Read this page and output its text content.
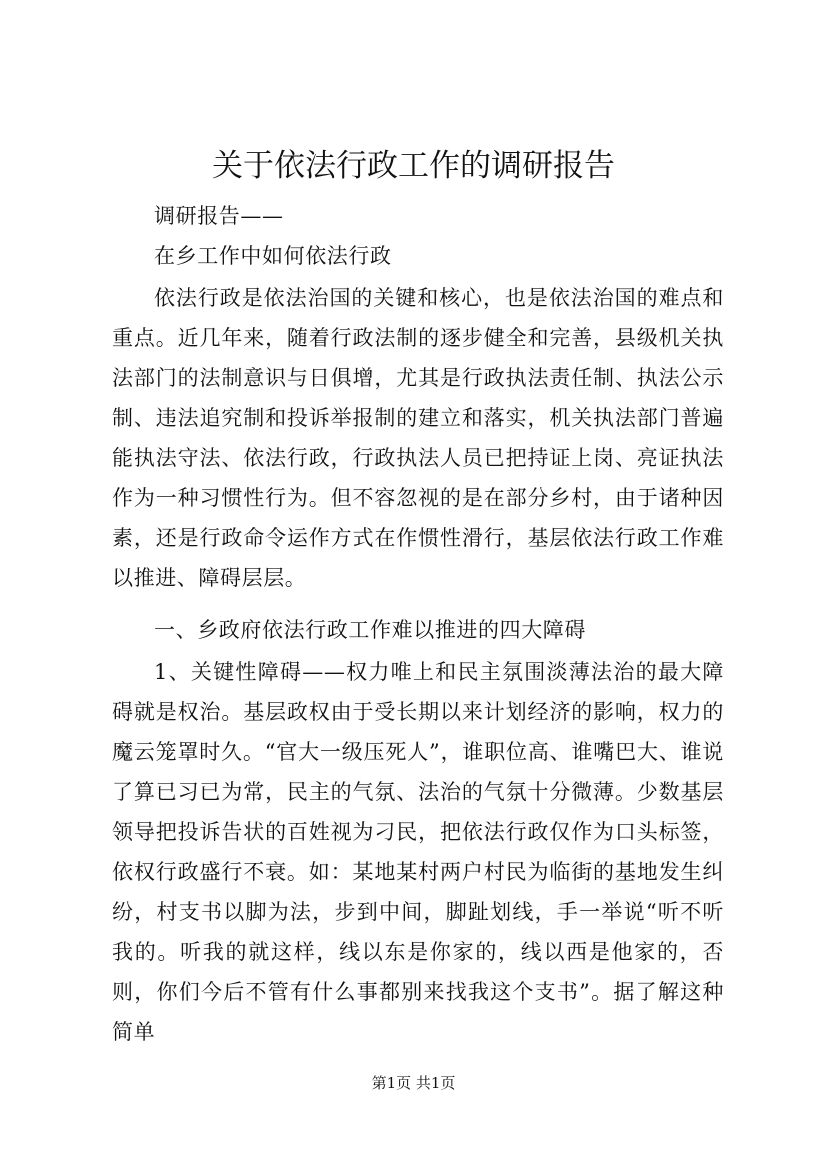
关于依法行政工作的调研报告

调研报告——

在乡工作中如何依法行政

依法行政是依法治国的关键和核心，也是依法治国的难点和重点。近几年来，随着行政法制的逐步健全和完善，县级机关执法部门的法制意识与日俱增，尤其是行政执法责任制、执法公示制、违法追究制和投诉举报制的建立和落实，机关执法部门普遍能执法守法、依法行政，行政执法人员已把持证上岗、亮证执法作为一种习惯性行为。但不容忽视的是在部分乡村，由于诸种因素，还是行政命令运作方式在作惯性滑行，基层依法行政工作难以推进、障碍层层。

一、乡政府依法行政工作难以推进的四大障碍

1、关键性障碍——权力唯上和民主氛围淡薄法治的最大障碍就是权治。基层政权由于受长期以来计划经济的影响，权力的魔云笼罩时久。“官大一级压死人”，谁职位高、谁嘴巴大、谁说了算已习已为常，民主的气氛、法治的气氛十分微薄。少数基层领导把投诉告状的百姓视为刁民，把依法行政仅作为口头标签，依权行政盛行不衰。如：某地某村两户村民为临街的基地发生纠纷，村支书以脚为法，步到中间，脚趾划线，手一举说“听不听我的。听我的就这样，线以东是你家的，线以西是他家的，否则，你们今后不管有什么事都别来找我这个支书”。据了解这种简单

第1页 共1页
